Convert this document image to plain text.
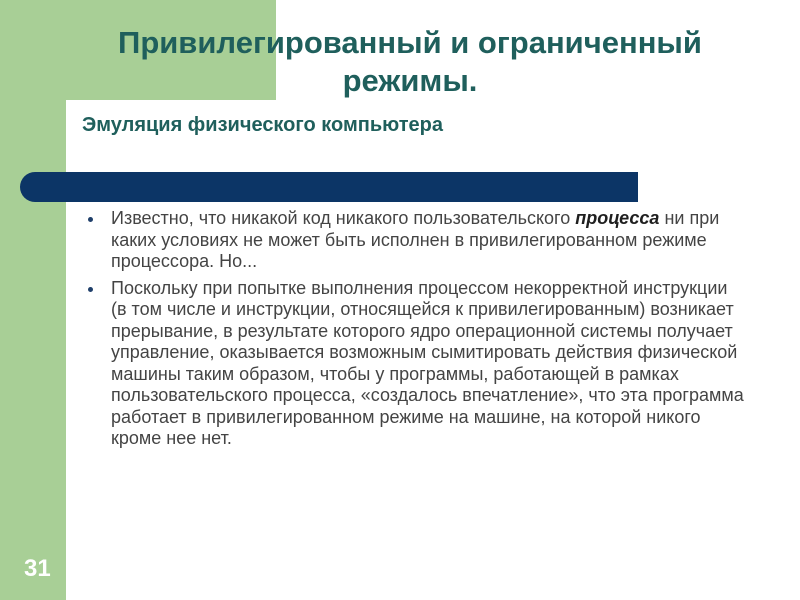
Привилегированный и ограниченный
режимы.
Эмуляция физического компьютера
Известно, что никакой код никакого пользовательского процесса ни при каких условиях не может быть исполнен в привилегированном режиме процессора. Но...
Поскольку при попытке выполнения процессом некорректной инструкции (в том числе и инструкции, относящейся к привилегированным) возникает прерывание, в результате которого ядро операционной системы получает управление, оказывается возможным сымитировать действия физической машины таким образом, чтобы у программы, работающей в рамках пользовательского процесса, «создалось впечатление», что эта программа работает в привилегированном режиме на машине, на которой никого кроме нее нет.

31
